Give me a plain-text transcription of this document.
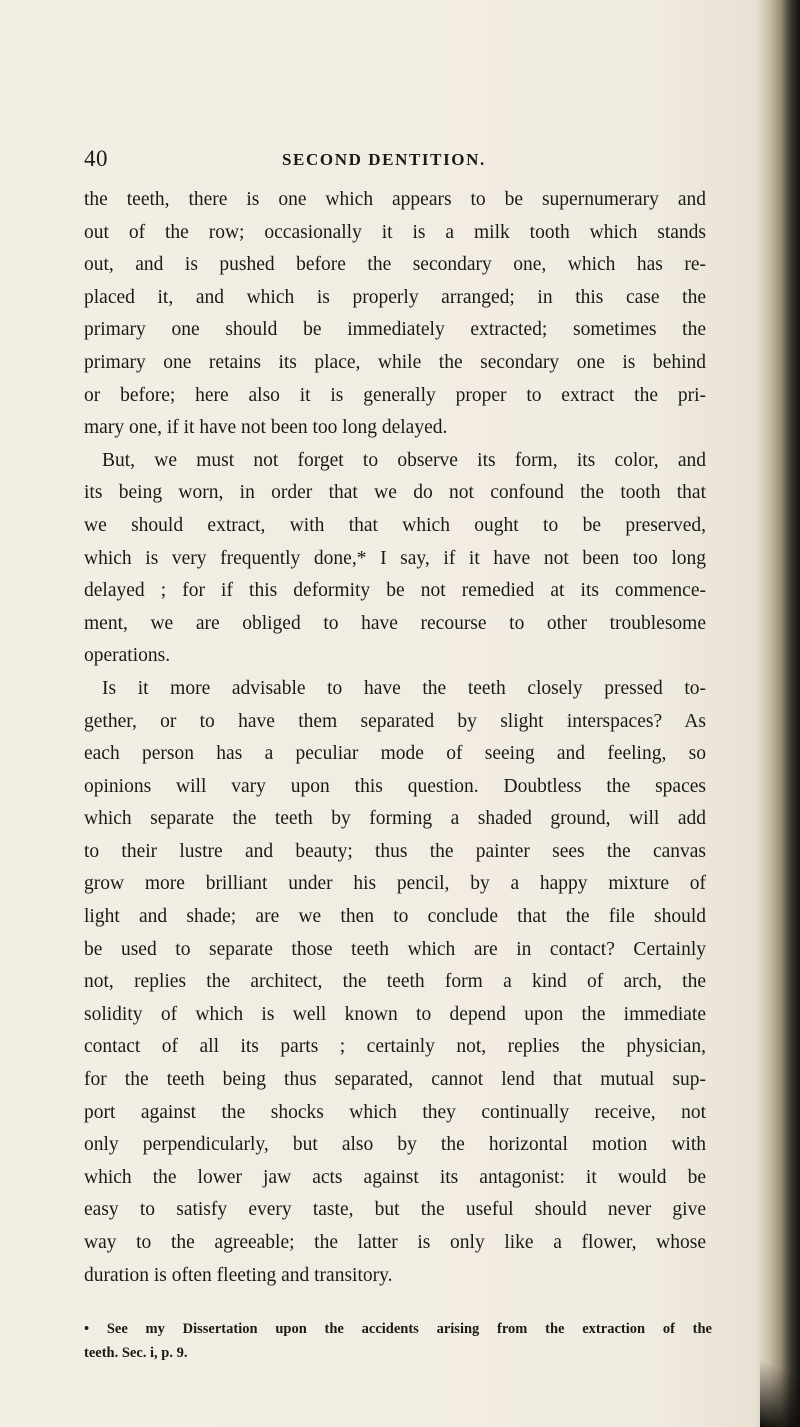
40	SECOND DENTITION.
the teeth, there is one which appears to be supernumerary and
out of the row; occasionally it is a milk tooth which stands
out, and is pushed before the secondary one, which has re-
placed it, and which is properly arranged; in this case the
primary one should be immediately extracted; sometimes the
primary one retains its place, while the secondary one is behind
or before; here also it is generally proper to extract the pri-
mary one, if it have not been too long delayed.
But, we must not forget to observe its form, its color, and
its being worn, in order that we do not confound the tooth that
we should extract, with that which ought to be preserved,
which is very frequently done,* I say, if it have not been too long
delayed ; for if this deformity be not remedied at its commence-
ment, we are obliged to have recourse to other troublesome
operations.
Is it more advisable to have the teeth closely pressed to-
gether, or to have them separated by slight interspaces? As
each person has a peculiar mode of seeing and feeling, so
opinions will vary upon this question. Doubtless the spaces
which separate the teeth by forming a shaded ground, will add
to their lustre and beauty; thus the painter sees the canvas
grow more brilliant under his pencil, by a happy mixture of
light and shade; are we then to conclude that the file should
be used to separate those teeth which are in contact? Certainly
not, replies the architect, the teeth form a kind of arch, the
solidity of which is well known to depend upon the immediate
contact of all its parts ; certainly not, replies the physician,
for the teeth being thus separated, cannot lend that mutual sup-
port against the shocks which they continually receive, not
only perpendicularly, but also by the horizontal motion with
which the lower jaw acts against its antagonist: it would be
easy to satisfy every taste, but the useful should never give
way to the agreeable; the latter is only like a flower, whose
duration is often fleeting and transitory.
• See my Dissertation upon the accidents arising from the extraction of the
teeth. Sec. i, p. 9.
